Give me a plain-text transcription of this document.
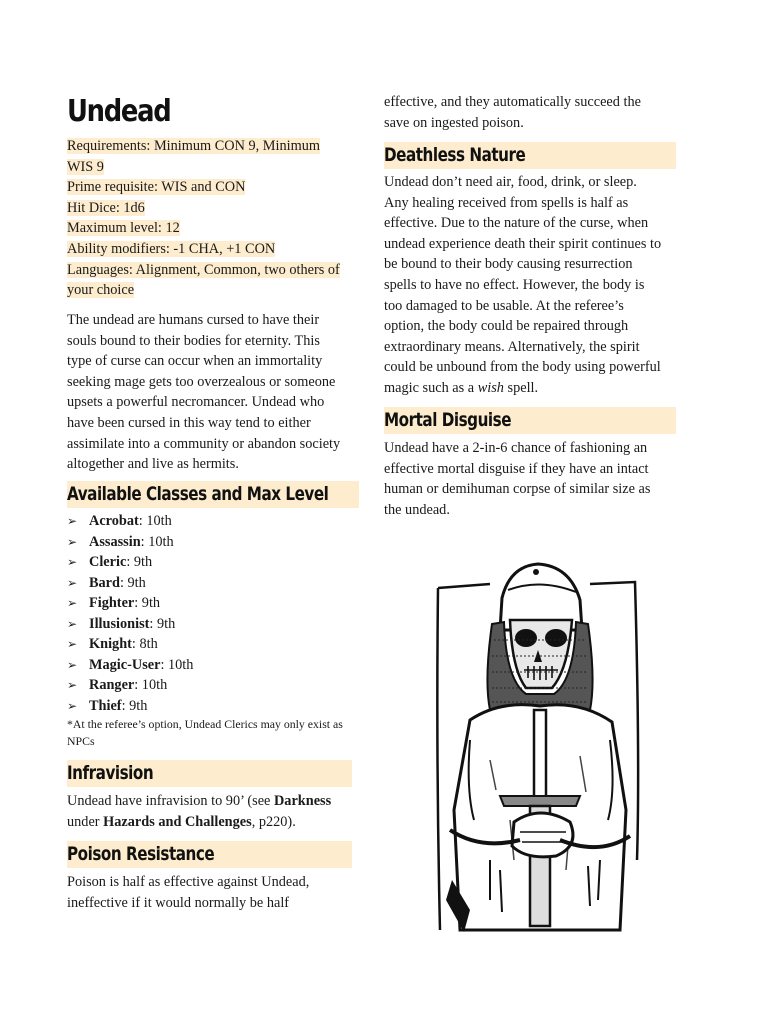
Undead
Requirements: Minimum CON 9, Minimum
WIS 9
Prime requisite: WIS and CON
Hit Dice: 1d6
Maximum level: 12
Ability modifiers: -1 CHA, +1 CON
Languages: Alignment, Common, two others of
your choice
The undead are humans cursed to have their
souls bound to their bodies for eternity. This
type of curse can occur when an immortality
seeking mage gets too overzealous or someone
upsets a powerful necromancer. Undead who
have been cursed in this way tend to either
assimilate into a community or abandon society
altogether and live as hermits.
Available Classes and Max Level
➢ Acrobat: 10th
➢ Assassin: 10th
➢ Cleric: 9th
➢ Bard: 9th
➢ Fighter: 9th
➢ Illusionist: 9th
➢ Knight: 8th
➢ Magic-User: 10th
➢ Ranger: 10th
➢ Thief: 9th
*At the referee’s option, Undead Clerics may only exist as NPCs
Infravision
Undead have infravision to 90’ (see Darkness
under Hazards and Challenges, p220).
Poison Resistance
Poison is half as effective against Undead,
ineffective if it would normally be half
effective, and they automatically succeed the
save on ingested poison.
Deathless Nature
Undead don’t need air, food, drink, or sleep.
Any healing received from spells is half as
effective. Due to the nature of the curse, when
undead experience death their spirit continues to
be bound to their body causing resurrection
spells to have no effect. However, the body is
too damaged to be usable. At the referee’s
option, the body could be repaired through
extraordinary means. Alternatively, the spirit
could be unbound from the body using powerful
magic such as a wish spell.
Mortal Disguise
Undead have a 2-in-6 chance of fashioning an
effective mortal disguise if they have an intact
human or demihuman corpse of similar size as
the undead.
